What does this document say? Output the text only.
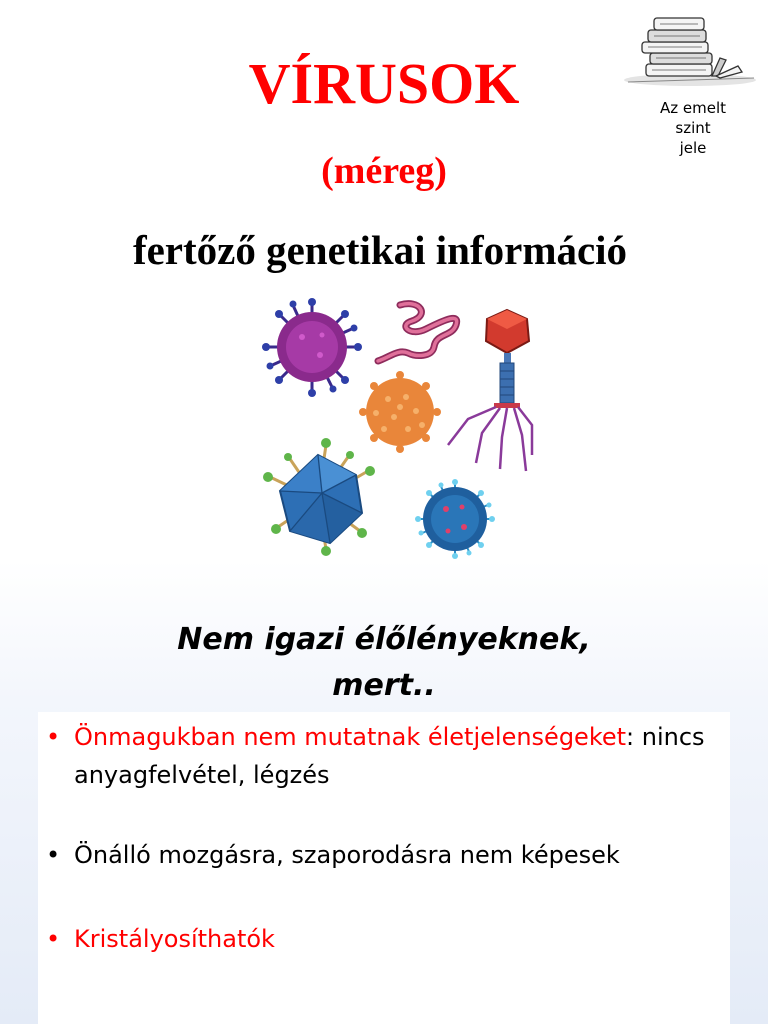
VÍRUSOK
(méreg)
fertőző genetikai információ
Az emelt
szint
jele
Nem igazi élőlényeknek,
mert..
• Önmagukban nem mutatnak életjelenségeket: nincs anyagfelvétel, légzés
• Önálló mozgásra, szaporodásra nem képesek
• Kristályosíthatók
